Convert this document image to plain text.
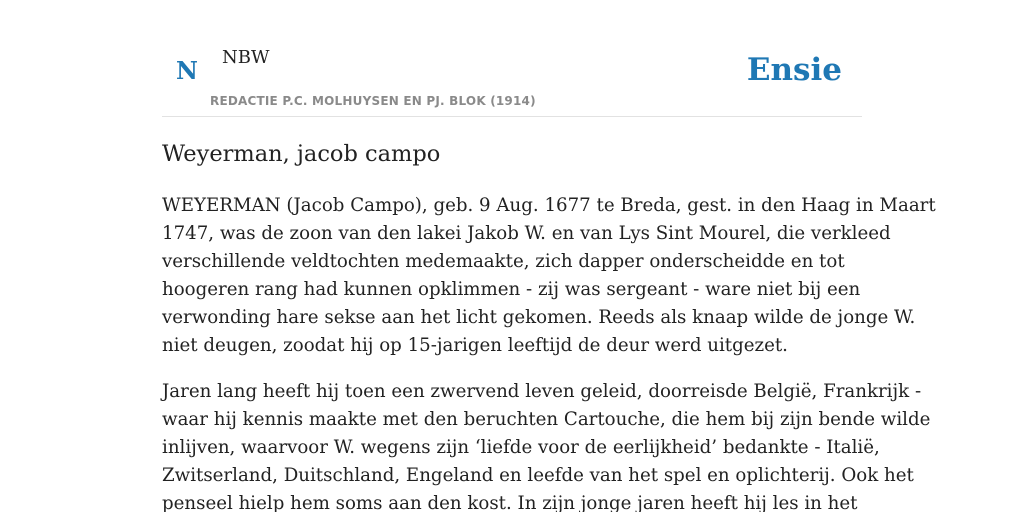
N NBW
REDACTIE P.C. MOLHUYSEN EN PJ. BLOK (1914)
Ensie
Weyerman, jacob campo

WEYERMAN (Jacob Campo), geb. 9 Aug. 1677 te Breda, gest. in den Haag in Maart
1747, was de zoon van den lakei Jakob W. en van Lys Sint Mourel, die verkleed
verschillende veldtochten medemaakte, zich dapper onderscheidde en tot
hoogeren rang had kunnen opklimmen - zij was sergeant - ware niet bij een
verwonding hare sekse aan het licht gekomen. Reeds als knaap wilde de jonge W.
niet deugen, zoodat hij op 15-jarigen leeftijd de deur werd uitgezet.

Jaren lang heeft hij toen een zwervend leven geleid, doorreisde België, Frankrijk -
waar hij kennis maakte met den beruchten Cartouche, die hem bij zijn bende wilde
inlijven, waarvoor W. wegens zijn ‘liefde voor de eerlijkheid’ bedankte - Italië,
Zwitserland, Duitschland, Engeland en leefde van het spel en oplichterij. Ook het
penseel hielp hem soms aan den kost. In zijn jonge jaren heeft hij les in het
